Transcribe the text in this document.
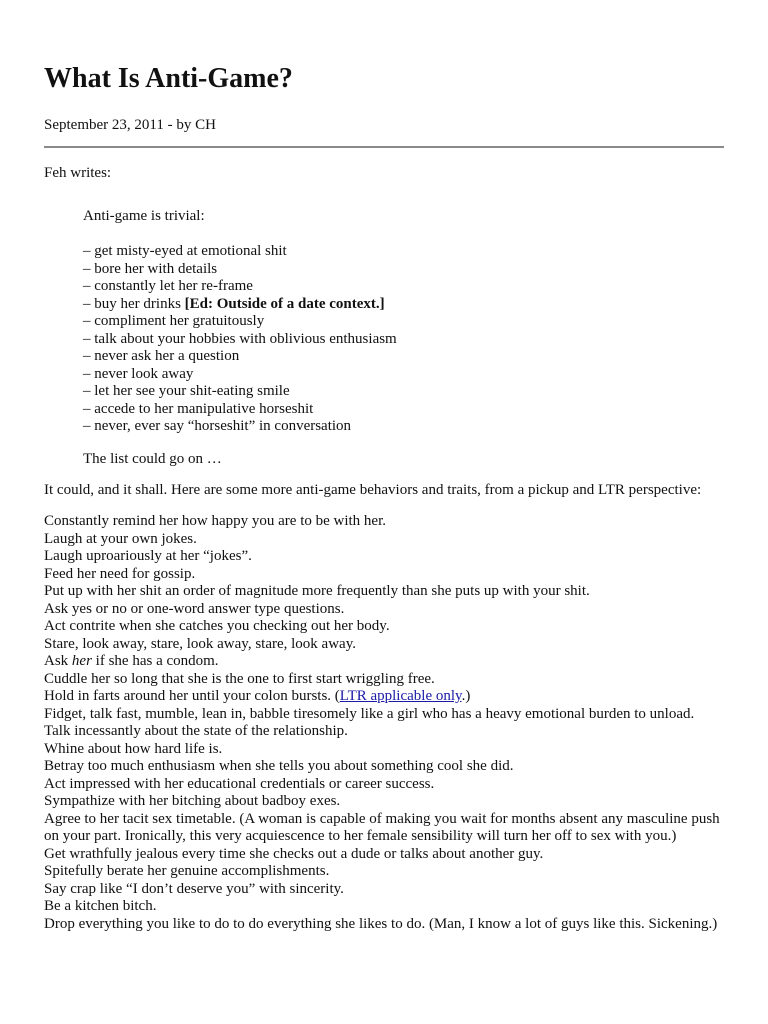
What Is Anti-Game?
September 23, 2011 - by CH
Feh writes:
Anti-game is trivial:
– get misty-eyed at emotional shit
– bore her with details
– constantly let her re-frame
– buy her drinks [Ed: Outside of a date context.]
– compliment her gratuitously
– talk about your hobbies with oblivious enthusiasm
– never ask her a question
– never look away
– let her see your shit-eating smile
– accede to her manipulative horseshit
– never, ever say “horseshit” in conversation
The list could go on …
It could, and it shall. Here are some more anti-game behaviors and traits, from a pickup and LTR perspective:
Constantly remind her how happy you are to be with her.
Laugh at your own jokes.
Laugh uproariously at her “jokes”.
Feed her need for gossip.
Put up with her shit an order of magnitude more frequently than she puts up with your shit.
Ask yes or no or one-word answer type questions.
Act contrite when she catches you checking out her body.
Stare, look away, stare, look away, stare, look away.
Ask her if she has a condom.
Cuddle her so long that she is the one to first start wriggling free.
Hold in farts around her until your colon bursts. (LTR applicable only.)
Fidget, talk fast, mumble, lean in, babble tiresomely like a girl who has a heavy emotional burden to unload.
Talk incessantly about the state of the relationship.
Whine about how hard life is.
Betray too much enthusiasm when she tells you about something cool she did.
Act impressed with her educational credentials or career success.
Sympathize with her bitching about badboy exes.
Agree to her tacit sex timetable. (A woman is capable of making you wait for months absent any masculine push on your part. Ironically, this very acquiescence to her female sensibility will turn her off to sex with you.)
Get wrathfully jealous every time she checks out a dude or talks about another guy.
Spitefully berate her genuine accomplishments.
Say crap like “I don’t deserve you” with sincerity.
Be a kitchen bitch.
Drop everything you like to do to do everything she likes to do. (Man, I know a lot of guys like this. Sickening.)
